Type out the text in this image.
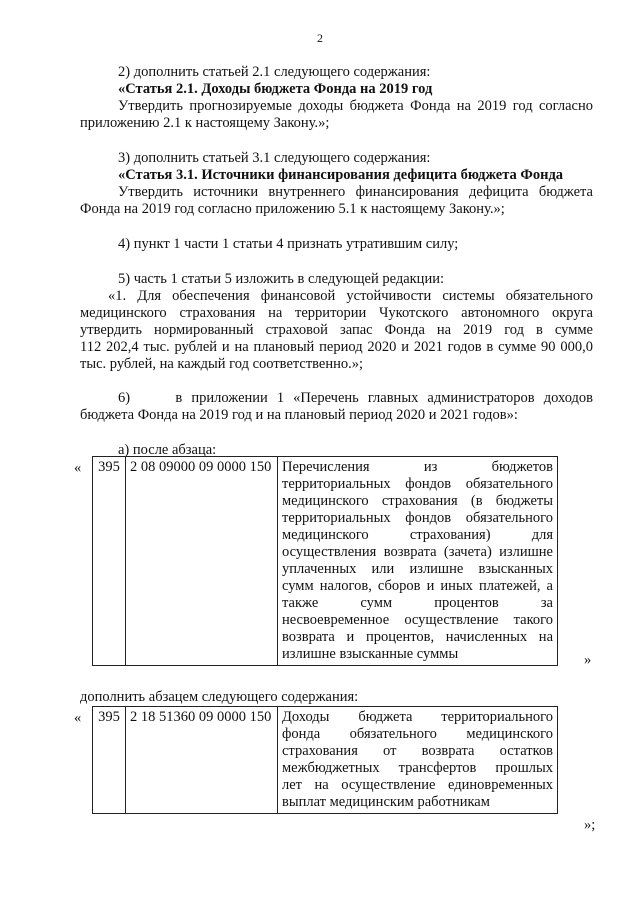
2
2) дополнить статьей 2.1 следующего содержания:
«Статья 2.1. Доходы бюджета Фонда на 2019 год
Утвердить прогнозируемые доходы бюджета Фонда на 2019 год согласно
приложению 2.1 к настоящему Закону.»;
3) дополнить статьей 3.1 следующего содержания:
«Статья 3.1. Источники финансирования дефицита бюджета Фонда
Утвердить источники внутреннего финансирования дефицита бюджета
Фонда на 2019 год согласно приложению 5.1 к настоящему Закону.»;
4) пункт 1 части 1 статьи 4 признать утратившим силу;
5) часть 1 статьи 5 изложить в следующей редакции:
«1. Для обеспечения финансовой устойчивости системы обязательного
медицинского страхования на территории Чукотского автономного округа
утвердить нормированный страховой запас Фонда на 2019 год в сумме
112 202,4 тыс. рублей и на плановый период 2020 и 2021 годов в сумме 90 000,0
тыс. рублей, на каждый год соответственно.»;
6)     в приложении 1 «Перечень главных администраторов доходов
бюджета Фонда на 2019 год и на плановый период 2020 и 2021 годов»:
а) после абзаца:
« 395	2 08 09000 09 0000 150	Перечисления из бюджетов
территориальных фондов обязательного
медицинского страхования (в бюджеты
территориальных фондов обязательного
медицинского страхования) для
осуществления возврата (зачета) излишне
уплаченных или излишне взысканных
сумм налогов, сборов и иных платежей, а
также сумм процентов за
несвоевременное осуществление такого
возврата и процентов, начисленных на
излишне взысканные суммы	»
дополнить абзацем следующего содержания:
« 395	2 18 51360 09 0000 150	Доходы бюджета территориального
фонда обязательного медицинского
страхования от возврата остатков
межбюджетных трансфертов прошлых
лет на осуществление единовременных
выплат медицинским работникам
»;
